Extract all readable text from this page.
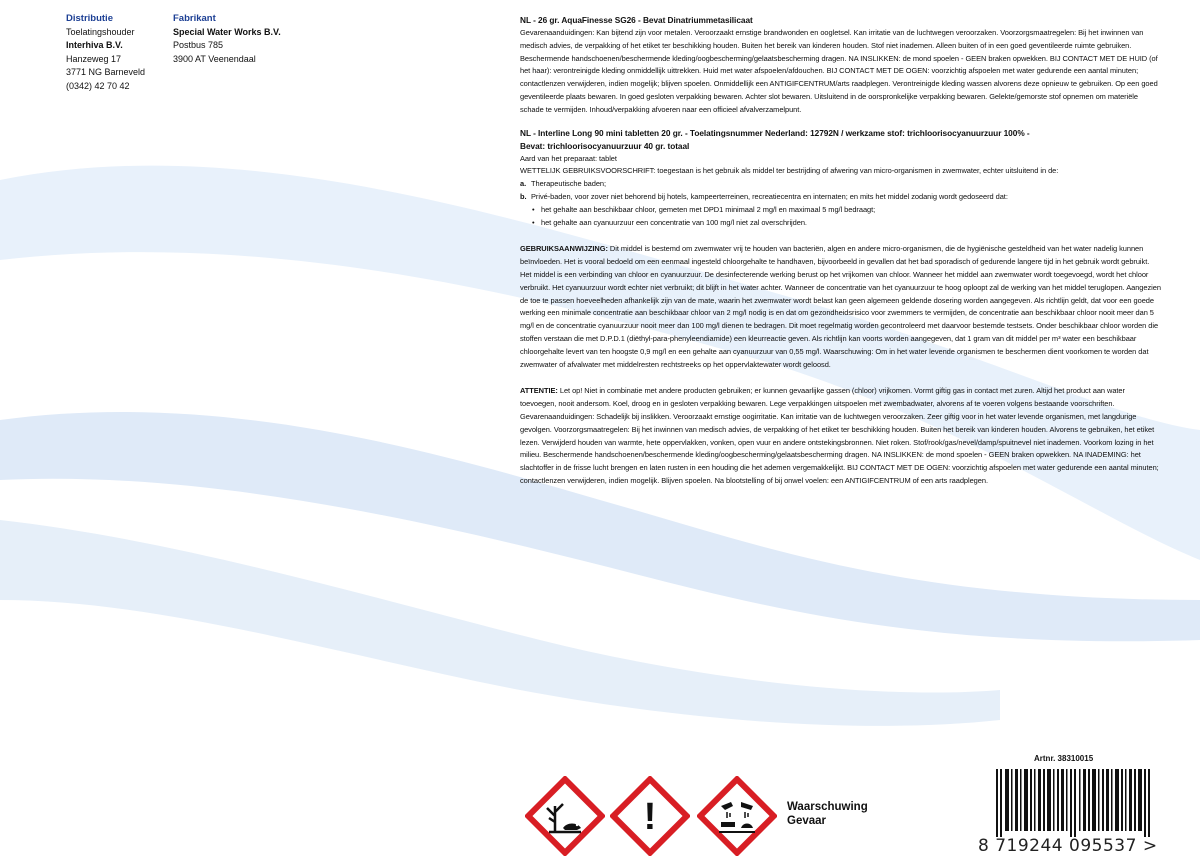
Distributie
Toelatingshouder
Interhiva B.V.
Hanzeweg 17
3771 NG Barneveld
(0342) 42 70 42
Fabrikant
Special Water Works B.V.
Postbus 785
3900 AT Veenendaal

NL - 26 gr. AquaFinesse SG26 - Bevat Dinatriummetasilicaat

Gevarenaanduidingen: Kan bijtend zijn voor metalen. Veroorzaakt ernstige brandwonden en oogletsel. Kan irritatie van de luchtwegen veroorzaken. Voorzorgsmaatregelen: Bij het inwinnen van medisch advies, de verpakking of het etiket ter beschikking houden. Buiten het bereik van kinderen houden. Stof niet inademen. Alleen buiten of in een goed geventileerde ruimte gebruiken. Beschermende handschoenen/beschermende kleding/oogbescherming/gelaatsbescherming dragen. NA INSLIKKEN: de mond spoelen - GEEN braken opwekken. BIJ CONTACT MET DE HUID (of het haar): verontreinigde kleding onmiddellijk uittrekken. Huid met water afspoelen/afdouchen. BIJ CONTACT MET DE OGEN: voorzichtig afspoelen met water gedurende een aantal minuten; contactlenzen verwijderen, indien mogelijk; blijven spoelen. Onmiddellijk een ANTIGIFCENTRUM/arts raadplegen. Verontreinigde kleding wassen alvorens deze opnieuw te gebruiken. Op een goed geventileerde plaats bewaren. In goed gesloten verpakking bewaren. Achter slot bewaren. Uitsluitend in de oorspronkelijke verpakking bewaren. Gelekte/gemorste stof opnemen om materiële schade te vermijden. Inhoud/verpakking afvoeren naar een officieel afvalverzamelpunt.

NL - Interline Long 90 mini tabletten 20 gr. - Toelatingsnummer Nederland: 12792N / werkzame stof: trichloorisocyanuurzuur 100% -

Bevat: trichloorisocyanuurzuur 40 gr. totaal

Aard van het preparaat: tablet

WETTELIJK GEBRUIKSVOORSCHRIFT: toegestaan is het gebruik als middel ter bestrijding of afwering van micro-organismen in zwemwater, echter uitsluitend in de:

a. Therapeutische baden;
b. Privé-baden, voor zover niet behorend bij hotels, kampeerterreinen, recreatiecentra en internaten; en mits het middel zodanig wordt gedoseerd dat:
• het gehalte aan beschikbaar chloor, gemeten met DPD1 minimaal 2 mg/l en maximaal 5 mg/l bedraagt;
• het gehalte aan cyanuurzuur een concentratie van 100 mg/l niet zal overschrijden.

GEBRUIKSAANWIJZING: Dit middel is bestemd om zwemwater vrij te houden van bacteriën, algen en andere micro-organismen, die de hygiënische gesteldheid van het water nadelig kunnen beïnvloeden. Het is vooral bedoeld om een eenmaal ingesteld chloorgehalte te handhaven, bijvoorbeeld in gevallen dat het bad sporadisch of gedurende langere tijd in het gebruik wordt gebruikt. Het middel is een verbinding van chloor en cyanuurzuur. De desinfecterende werking berust op het vrijkomen van chloor. Wanneer het middel aan zwemwater wordt toegevoegd, wordt het chloor verbruikt. Het cyanuurzuur wordt echter niet verbruikt; dit blijft in het water achter. Wanneer de concentratie van het cyanuurzuur te hoog oploopt zal de werking van het middel teruglopen. Aangezien de toe te passen hoeveelheden afhankelijk zijn van de mate, waarin het zwemwater wordt belast kan geen algemeen geldende dosering worden aangegeven. Als richtlijn geldt, dat voor een goede werking een minimale concentratie aan beschikbaar chloor van 2 mg/l nodig is en dat om gezondheidsrisico voor zwemmers te vermijden, de concentratie aan beschikbaar chloor nooit meer dan 5 mg/l en de concentratie cyanuurzuur nooit meer dan 100 mg/l dienen te bedragen. Dit moet regelmatig worden gecontroleerd met daarvoor bestemde testsets. Onder beschikbaar chloor worden die stoffen verstaan die met D.P.D.1 (diëthyl-para-phenyleendiamide) een kleurreactie geven. Als richtlijn kan voorts worden aangegeven, dat 1 gram van dit middel per m³ water een beschikbaar chloorgehalte levert van ten hoogste 0,9 mg/l en een gehalte aan cyanuurzuur van 0,55 mg/l. Waarschuwing: Om in het water levende organismen te beschermen dient voorkomen te worden dat zwemwater of afvalwater met middelresten rechtstreeks op het oppervlaktewater wordt geloosd.

ATTENTIE: Let op! Niet in combinatie met andere producten gebruiken; er kunnen gevaarlijke gassen (chloor) vrijkomen. Vormt giftig gas in contact met zuren. Altijd het product aan water toevoegen, nooit andersom. Koel, droog en in gesloten verpakking bewaren. Lege verpakkingen uitspoelen met zwembadwater, alvorens af te voeren volgens bestaande voorschriften. Gevarenaanduidingen: Schadelijk bij inslikken. Veroorzaakt ernstige oogirritatie. Kan irritatie van de luchtwegen veroorzaken. Zeer giftig voor in het water levende organismen, met langdurige gevolgen. Voorzorgsmaatregelen: Bij het inwinnen van medisch advies, de verpakking of het etiket ter beschikking houden. Buiten het bereik van kinderen houden. Alvorens te gebruiken, het etiket lezen. Verwijderd houden van warmte, hete oppervlakken, vonken, open vuur en andere ontstekingsbronnen. Niet roken. Stof/rook/gas/nevel/damp/spuitnevel niet inademen. Voorkom lozing in het milieu. Beschermende handschoenen/beschermende kleding/oogbescherming/gelaatsbescherming dragen. NA INSLIKKEN: de mond spoelen - GEEN braken opwekken. NA INADEMING: het slachtoffer in de frisse lucht brengen en laten rusten in een houding die het ademen vergemakkelijkt. BIJ CONTACT MET DE OGEN: voorzichtig afspoelen met water gedurende een aantal minuten; contactlenzen verwijderen, indien mogelijk. Blijven spoelen. Na blootstelling of bij onwel voelen: een ANTIGIFCENTRUM of een arts raadplegen.

!	Waarschuwing
Gevaar
Artnr. 38310015
8 719244 095537 >
